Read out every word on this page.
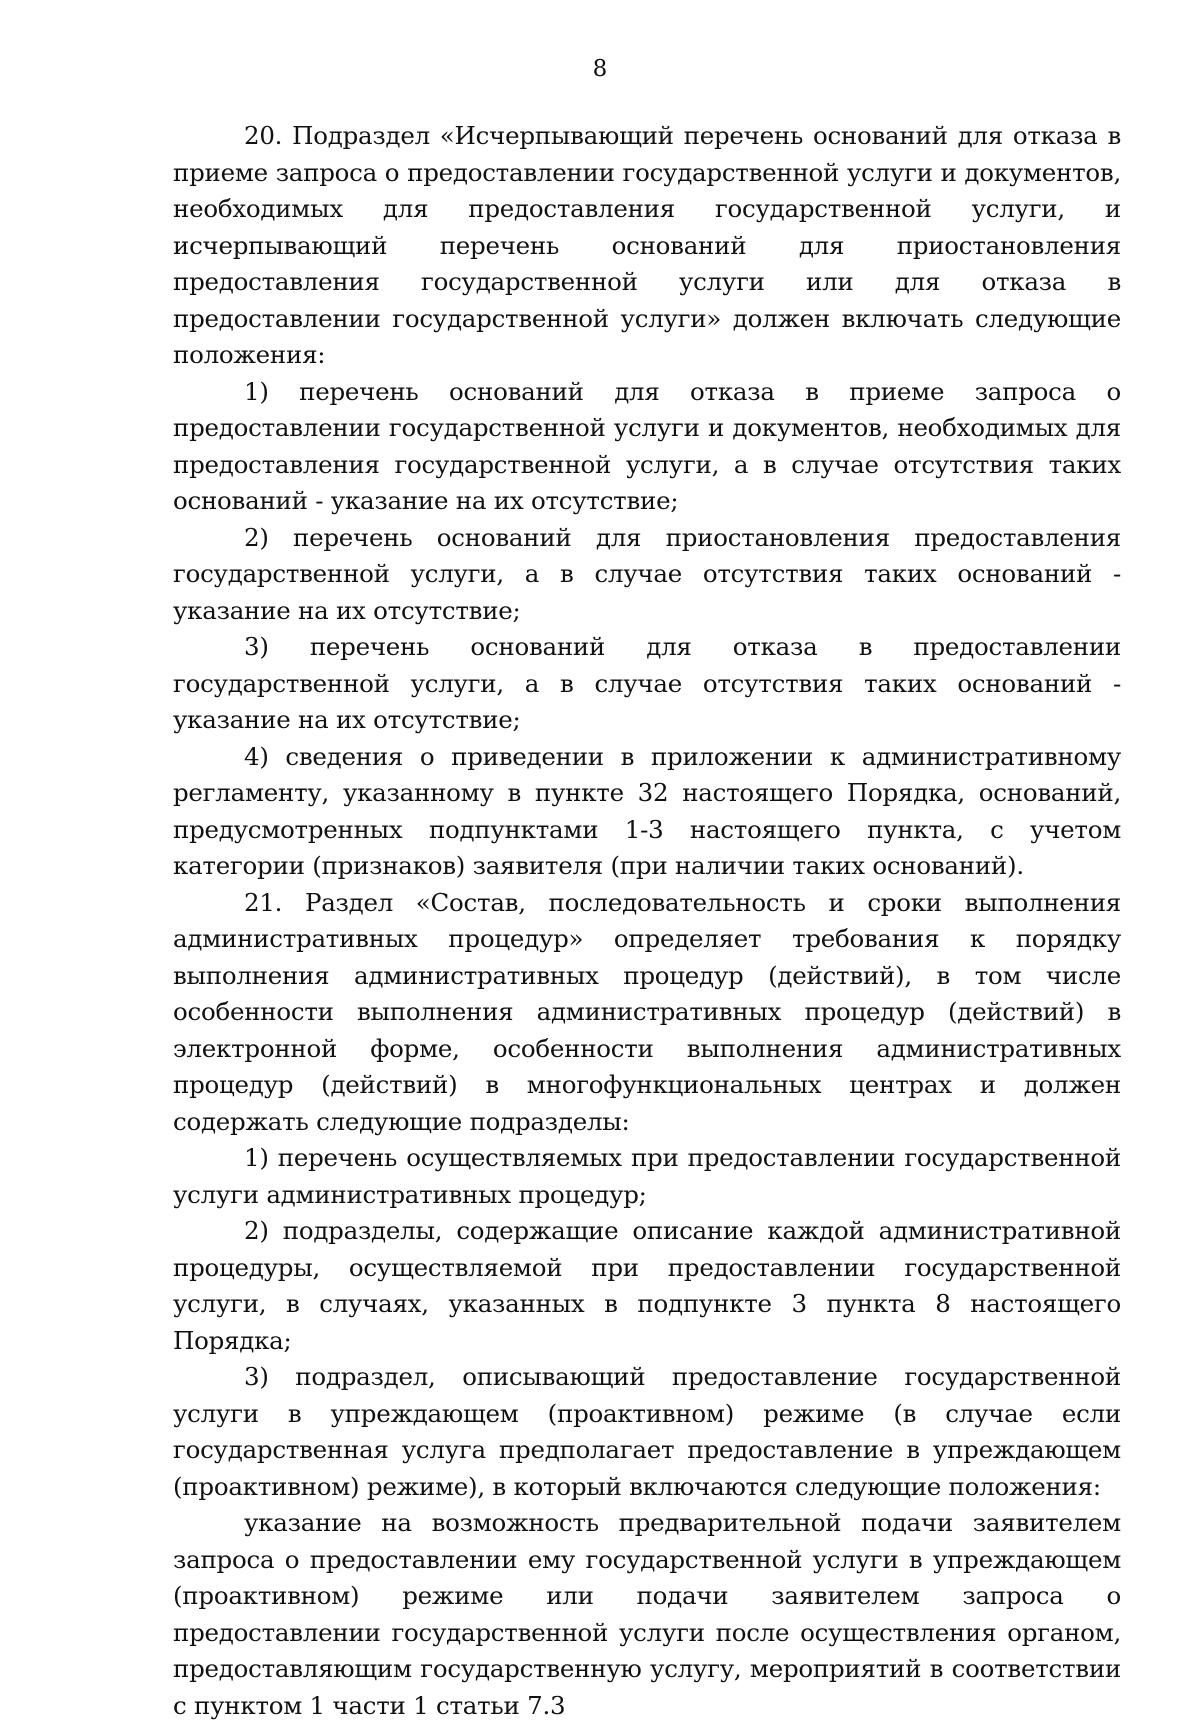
8

20. Подраздел «Исчерпывающий перечень оснований для отказа в приеме запроса о предоставлении государственной услуги и документов, необходимых для предоставления государственной услуги, и исчерпывающий перечень оснований для приостановления предоставления государственной услуги или для отказа в предоставлении государственной услуги» должен включать следующие положения:

1) перечень оснований для отказа в приеме запроса о предоставлении государственной услуги и документов, необходимых для предоставления государственной услуги, а в случае отсутствия таких оснований - указание на их отсутствие;

2) перечень оснований для приостановления предоставления государственной услуги, а в случае отсутствия таких оснований - указание на их отсутствие;

3) перечень оснований для отказа в предоставлении государственной услуги, а в случае отсутствия таких оснований - указание на их отсутствие;

4) сведения о приведении в приложении к административному регламенту, указанному в пункте 32 настоящего Порядка, оснований, предусмотренных подпунктами 1-3 настоящего пункта, с учетом категории (признаков) заявителя (при наличии таких оснований).

21. Раздел «Состав, последовательность и сроки выполнения административных процедур» определяет требования к порядку выполнения административных процедур (действий), в том числе особенности выполнения административных процедур (действий) в электронной форме, особенности выполнения административных процедур (действий) в многофункциональных центрах и должен содержать следующие подразделы:

1) перечень осуществляемых при предоставлении государственной услуги административных процедур;

2) подразделы, содержащие описание каждой административной процедуры, осуществляемой при предоставлении государственной услуги, в случаях, указанных в подпункте 3 пункта 8 настоящего Порядка;

3) подраздел, описывающий предоставление государственной услуги в упреждающем (проактивном) режиме (в случае если государственная услуга предполагает предоставление в упреждающем (проактивном) режиме), в который включаются следующие положения:

указание на возможность предварительной подачи заявителем запроса о предоставлении ему государственной услуги в упреждающем (проактивном) режиме или подачи заявителем запроса о предоставлении государственной услуги после осуществления органом, предоставляющим государственную услугу, мероприятий в соответствии с пунктом 1 части 1 статьи 7.3
